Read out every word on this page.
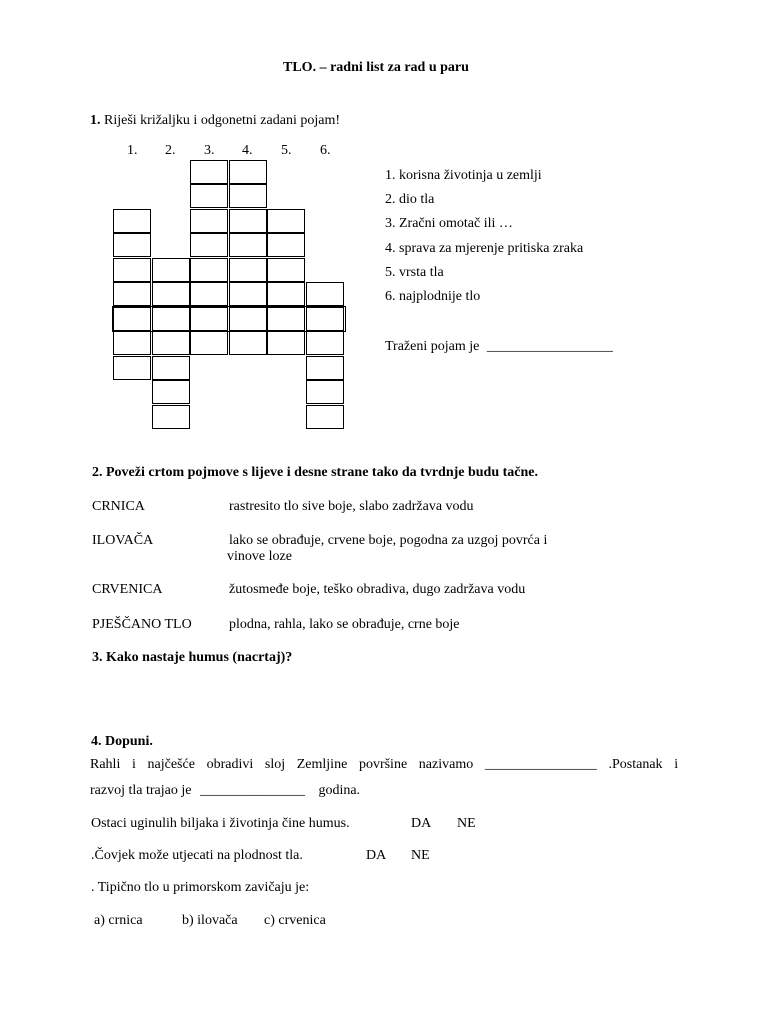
TLO. – radni list za rad u paru
1. Riješi križaljku i odgonetni zadani pojam!
1. 2. 3. 4. 5. 6.
1. korisna životinja u zemlji
2. dio tla
3. Zračni omotač ili …
4. sprava za mjerenje pritiska zraka
5. vrsta tla
6. najplodnije tlo
Traženi pojam je __________________
2. Poveži crtom pojmove s lijeve i desne strane tako da tvrdnje budu tačne.
CRNICA	rastresito tlo sive boje, slabo zadržava vodu
ILOVAČA	lako se obrađuje, crvene boje, pogodna za uzgoj povrća i
vinove loze
CRVENICA	žutosmeđe boje, teško obradiva, dugo zadržava vodu
PJEŠČANO TLO	plodna, rahla, lako se obrađuje, crne boje
3. Kako nastaje humus (nacrtaj)?
4. Dopuni.
Rahli i najčešće obradivi sloj Zemljine površine nazivamo ________________ .Postanak i
razvoj tla trajao je _______________ godina.
Ostaci uginulih biljaka i životinja čine humus.	DA NE
.Čovjek može utjecati na plodnost tla.	DA NE
. Tipično tlo u primorskom zavičaju je:
a) crnica	b) ilovača c) crvenica
